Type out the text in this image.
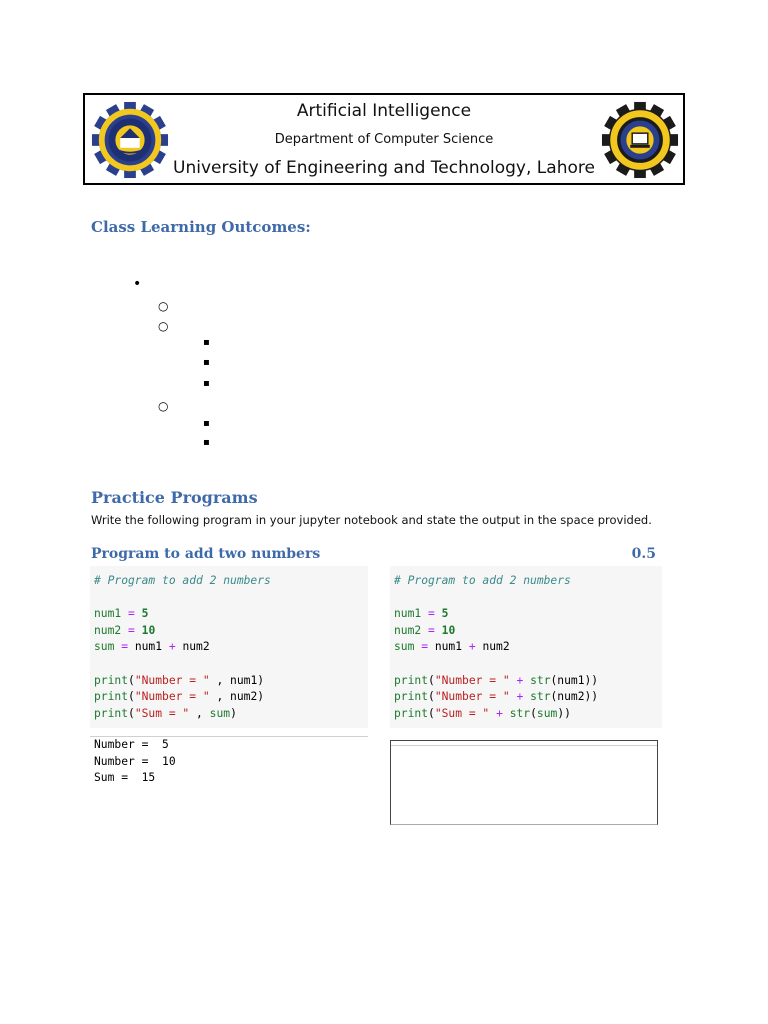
Artificial Intelligence
Department of Computer Science
University of Engineering and Technology, Lahore
Class Learning Outcomes:
•
○
○
▪
▪
▪
○
▪
▪
Practice Programs
Write the following program in your jupyter notebook and state the output in the space provided.
Program to add two numbers	0.5
# Program to add 2 numbers
num1 = 5
num2 = 10
sum = num1 + num2
print("Number = " , num1)
print("Number = " , num2)
print("Sum = " , sum)
# Program to add 2 numbers
num1 = 5
num2 = 10
sum = num1 + num2
print("Number = " + str(num1))
print("Number = " + str(num2))
print("Sum = " + str(sum))
Number =  5
Number =  10
Sum =  15
